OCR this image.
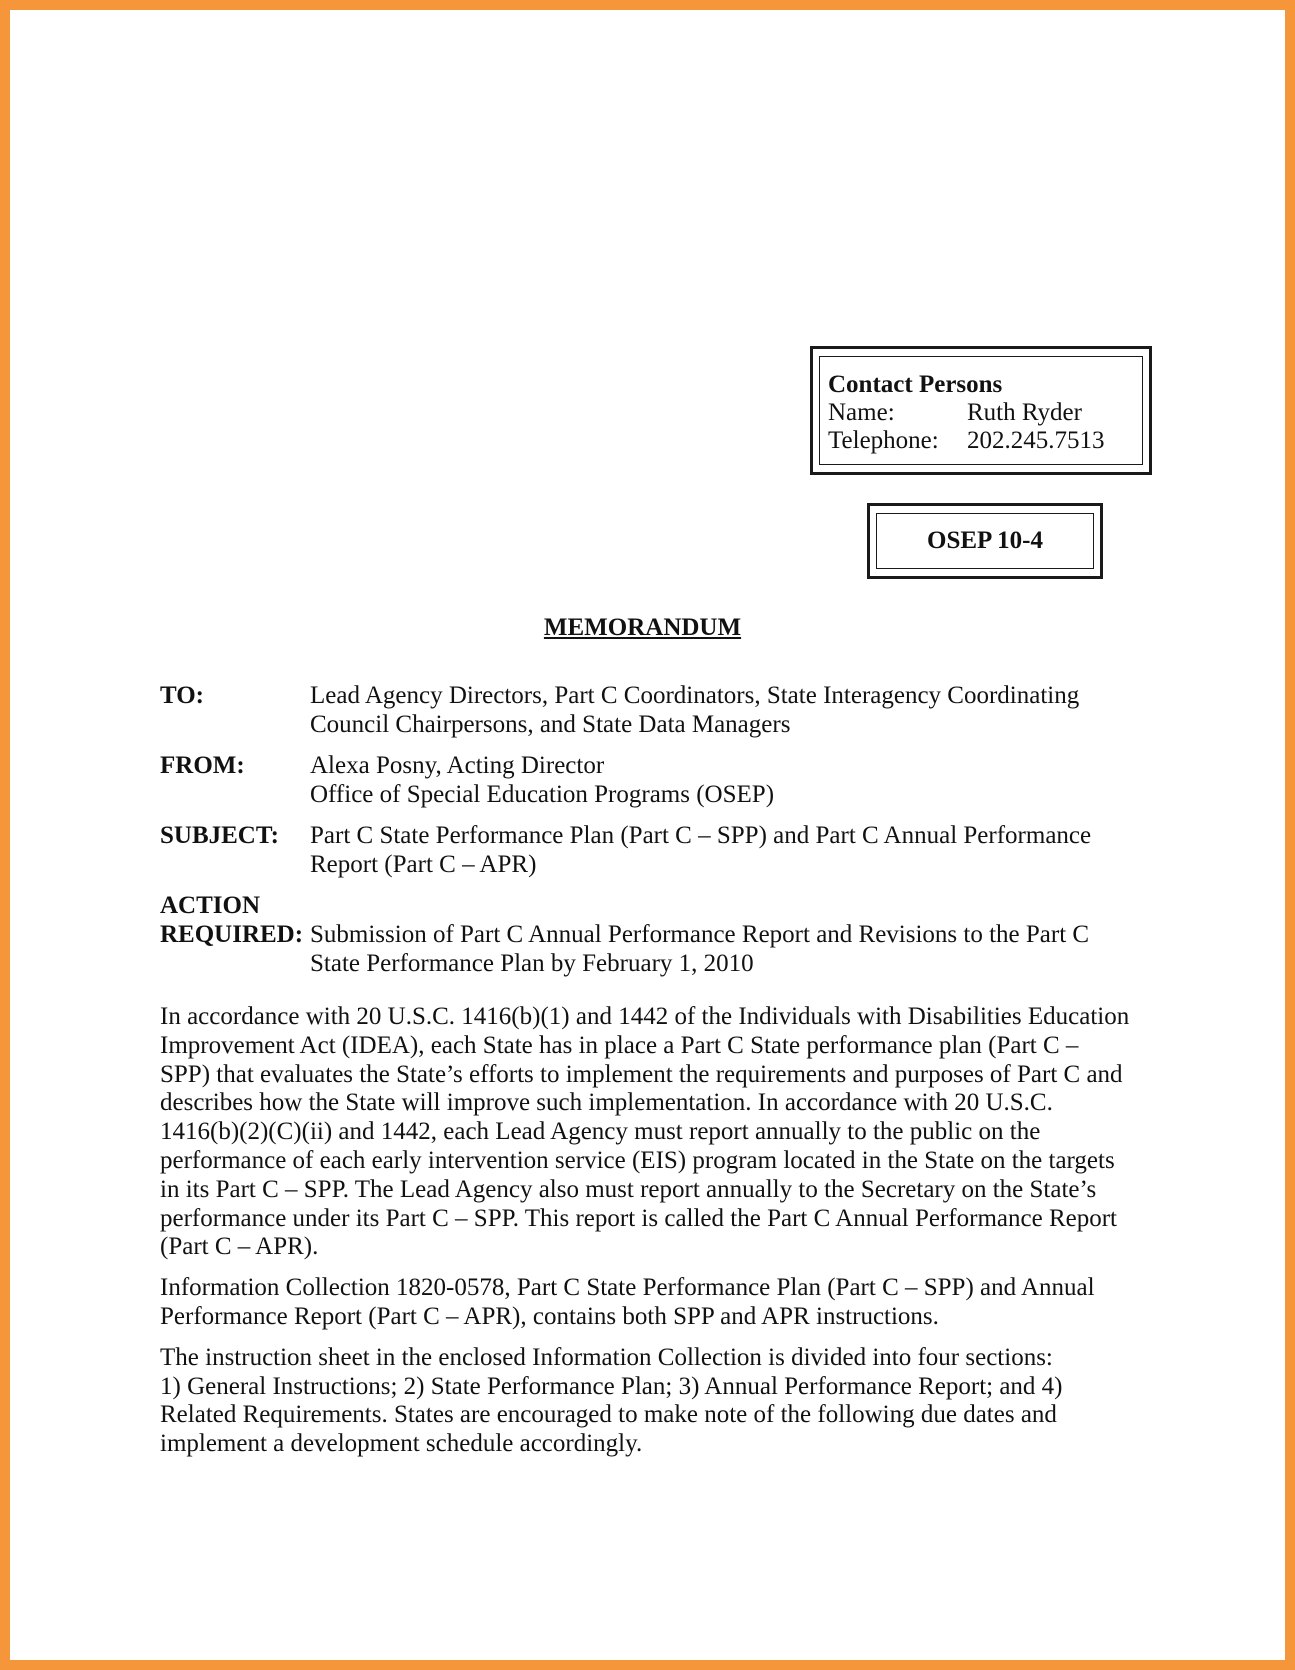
Contact Persons
Name:	Ruth Ryder
Telephone:	202.245.7513
OSEP 10-4
MEMORANDUM
TO:	Lead Agency Directors, Part C Coordinators, State Interagency Coordinating
Council Chairpersons, and State Data Managers
FROM:	Alexa Posny, Acting Director
Office of Special Education Programs (OSEP)
SUBJECT:	Part C State Performance Plan (Part C – SPP) and Part C Annual Performance
Report (Part C – APR)
ACTION
REQUIRED: Submission of Part C Annual Performance Report and Revisions to the Part C
State Performance Plan by February 1, 2010
In accordance with 20 U.S.C. 1416(b)(1) and 1442 of the Individuals with Disabilities Education
Improvement Act (IDEA), each State has in place a Part C State performance plan (Part C –
SPP) that evaluates the State’s efforts to implement the requirements and purposes of Part C and
describes how the State will improve such implementation. In accordance with 20 U.S.C.
1416(b)(2)(C)(ii) and 1442, each Lead Agency must report annually to the public on the
performance of each early intervention service (EIS) program located in the State on the targets
in its Part C – SPP. The Lead Agency also must report annually to the Secretary on the State’s
performance under its Part C – SPP. This report is called the Part C Annual Performance Report
(Part C – APR).
Information Collection 1820-0578, Part C State Performance Plan (Part C – SPP) and Annual
Performance Report (Part C – APR), contains both SPP and APR instructions.
The instruction sheet in the enclosed Information Collection is divided into four sections:
1) General Instructions; 2) State Performance Plan; 3) Annual Performance Report; and 4)
Related Requirements. States are encouraged to make note of the following due dates and
implement a development schedule accordingly.
